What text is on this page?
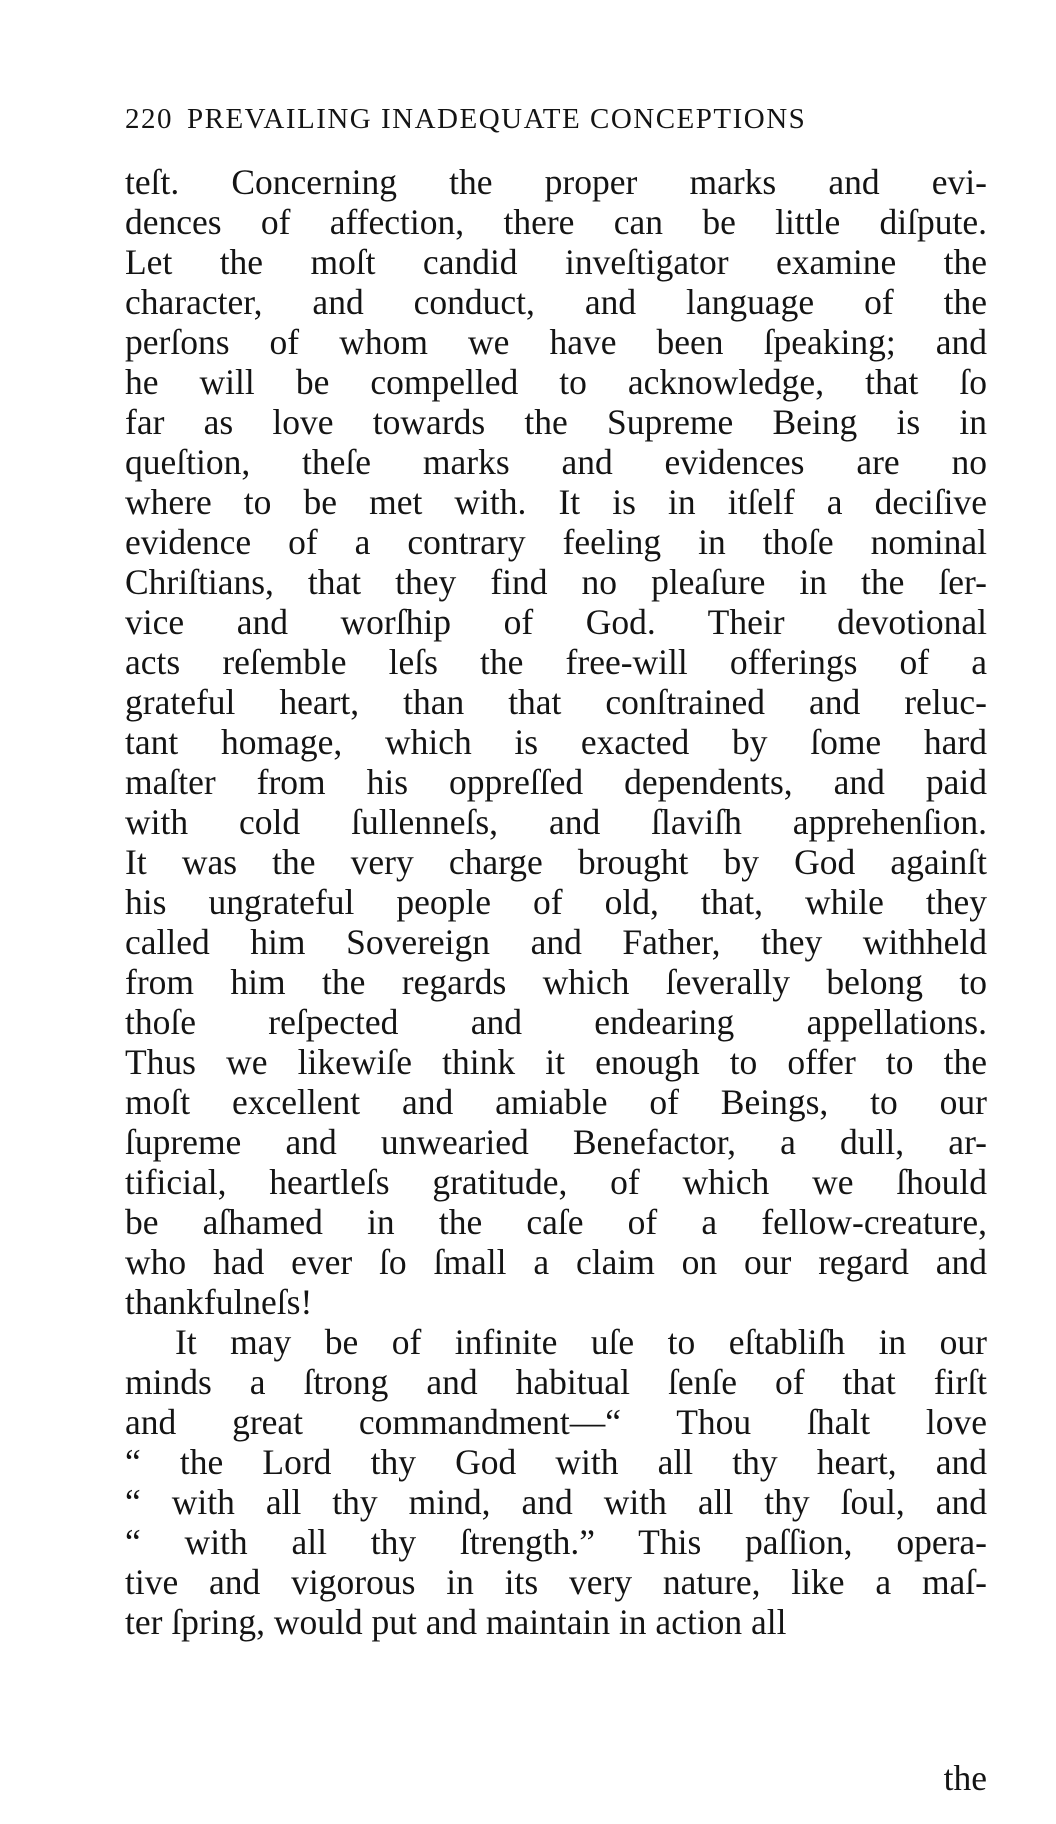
220 PREVAILING INADEQUATE CONCEPTIONS
teſt. Concerning the proper marks and evi-
dences of affection, there can be little diſpute.
Let the moſt candid inveſtigator examine the
character, and conduct, and language of the
perſons of whom we have been ſpeaking; and
he will be compelled to acknowledge, that ſo
far as love towards the Supreme Being is in
queſtion, theſe marks and evidences are no
where to be met with. It is in itſelf a deciſive
evidence of a contrary feeling in thoſe nominal
Chriſtians, that they find no pleaſure in the ſer-
vice and worſhip of God. Their devotional
acts reſemble leſs the free-will offerings of a
grateful heart, than that conſtrained and reluc-
tant homage, which is exacted by ſome hard
maſter from his oppreſſed dependents, and paid
with cold ſullenneſs, and ſlaviſh apprehenſion.
It was the very charge brought by God againſt
his ungrateful people of old, that, while they
called him Sovereign and Father, they withheld
from him the regards which ſeverally belong to
thoſe reſpected and endearing appellations.
Thus we likewiſe think it enough to offer to the
moſt excellent and amiable of Beings, to our
ſupreme and unwearied Benefactor, a dull, ar-
tificial, heartleſs gratitude, of which we ſhould
be aſhamed in the caſe of a fellow-creature,
who had ever ſo ſmall a claim on our regard and
thankfulneſs!
It may be of infinite uſe to eſtabliſh in our
minds a ſtrong and habitual ſenſe of that firſt
and great commandment—“ Thou ſhalt love
“ the Lord thy God with all thy heart, and
“ with all thy mind, and with all thy ſoul, and
“ with all thy ſtrength.” This paſſion, opera-
tive and vigorous in its very nature, like a maſ-
ter ſpring, would put and maintain in action all
the
